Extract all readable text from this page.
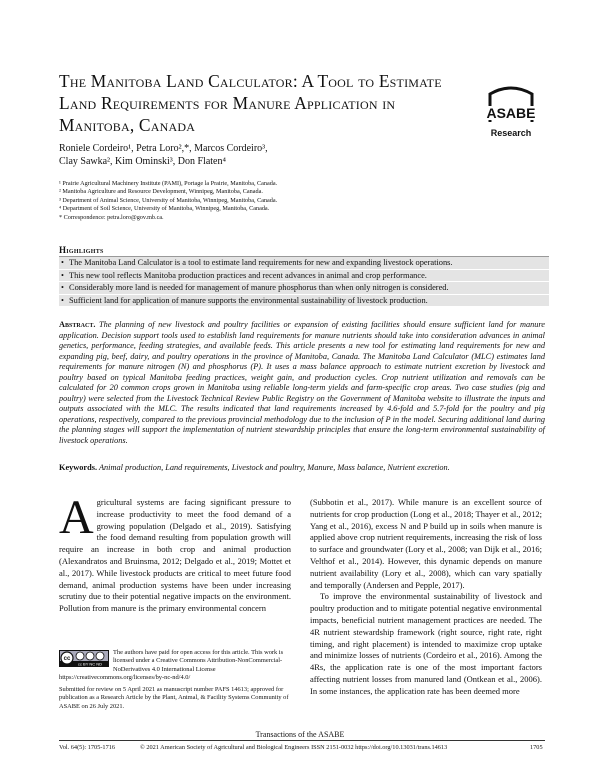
The Manitoba Land Calculator: A Tool to Estimate Land Requirements for Manure Application in Manitoba, Canada
ASABE
Research
Roniele Cordeiro¹, Petra Loro²,*, Marcos Cordeiro³,
Clay Sawka², Kim Ominski³, Don Flaten⁴
¹ Prairie Agricultural Machinery Institute (PAMI), Portage la Prairie, Manitoba, Canada.
² Manitoba Agriculture and Resource Development, Winnipeg, Manitoba, Canada.
³ Department of Animal Science, University of Manitoba, Winnipeg, Manitoba, Canada.
⁴ Department of Soil Science, University of Manitoba, Winnipeg, Manitoba, Canada.
* Correspondence: petra.loro@gov.mb.ca.
Highlights
• The Manitoba Land Calculator is a tool to estimate land requirements for new and expanding livestock operations.
• This new tool reflects Manitoba production practices and recent advances in animal and crop performance.
• Considerably more land is needed for management of manure phosphorus than when only nitrogen is considered.
• Sufficient land for application of manure supports the environmental sustainability of livestock production.
Abstract. The planning of new livestock and poultry facilities or expansion of existing facilities should ensure sufficient land for manure application. Decision support tools used to establish land requirements for manure nutrients should take into consideration advances in animal genetics, performance, feeding strategies, and available feeds. This article presents a new tool for estimating land requirements for new and expanding pig, beef, dairy, and poultry operations in the province of Manitoba, Canada. The Manitoba Land Calculator (MLC) estimates land requirements for manure nitrogen (N) and phosphorus (P). It uses a mass balance approach to estimate nutrient excretion by livestock and poultry based on typical Manitoba feeding practices, weight gain, and production cycles. Crop nutrient utilization and removals can be calculated for 20 common crops grown in Manitoba using reliable long-term yields and farm-specific crop areas. Two case studies (pig and poultry) were selected from the Livestock Technical Review Public Registry on the Government of Manitoba website to illustrate the inputs and outputs associated with the MLC. The results indicated that land requirements increased by 4.6-fold and 5.7-fold for the poultry and pig operations, respectively, compared to the previous provincial methodology due to the inclusion of P in the model. Securing additional land during the planning stages will support the implementation of nutrient stewardship principles that ensure the long-term environmental sustainability of livestock operations.
Keywords. Animal production, Land requirements, Livestock and poultry, Manure, Mass balance, Nutrient excretion.
Agricultural systems are facing significant pressure to increase productivity to meet the food demand of a growing population (Delgado et al., 2019). Satisfying the food demand resulting from population growth will require an increase in both crop and animal production (Alexandratos and Bruinsma, 2012; Delgado et al., 2019; Mottet et al., 2017). While livestock products are critical to meet future food demand, animal production systems have been under increasing scrutiny due to their potential negative impacts on the environment. Pollution from manure is the primary environmental concern

(Subbotin et al., 2017). While manure is an excellent source of nutrients for crop production (Long et al., 2018; Thayer et al., 2012; Yang et al., 2016), excess N and P build up in soils when manure is applied above crop nutrient requirements, increasing the risk of loss to surface and groundwater (Lory et al., 2008; van Dijk et al., 2016; Velthof et al., 2014). However, this dynamic depends on manure nutrient availability (Lory et al., 2008), which can vary spatially and temporally (Andersen and Pepple, 2017).

To improve the environmental sustainability of livestock and poultry production and to mitigate potential negative environmental impacts, beneficial nutrient management practices are needed. The 4R nutrient stewardship framework (right source, right rate, right timing, and right placement) is intended to maximize crop uptake and minimize losses of nutrients (Cordeiro et al., 2016). Among the 4Rs, the application rate is one of the most important factors affecting nutrient losses from manured land (Ontkean et al., 2006). In some instances, the application rate has been deemed more

cc
cc BY NC ND
The authors have paid for open access for this article. This work is licensed under a Creative Commons Attribution-NonCommercial-NoDerivatives 4.0 International License https://creativecommons.org/licenses/by-nc-nd/4.0/
Submitted for review on 5 April 2021 as manuscript number PAFS 14613; approved for publication as a Research Article by the Plant, Animal, & Facility Systems Community of ASABE on 26 July 2021.
Transactions of the ASABE
Vol. 64(5): 1705-1716	© 2021 American Society of Agricultural and Biological Engineers ISSN 2151-0032 https://doi.org/10.13031/trans.14613	1705
